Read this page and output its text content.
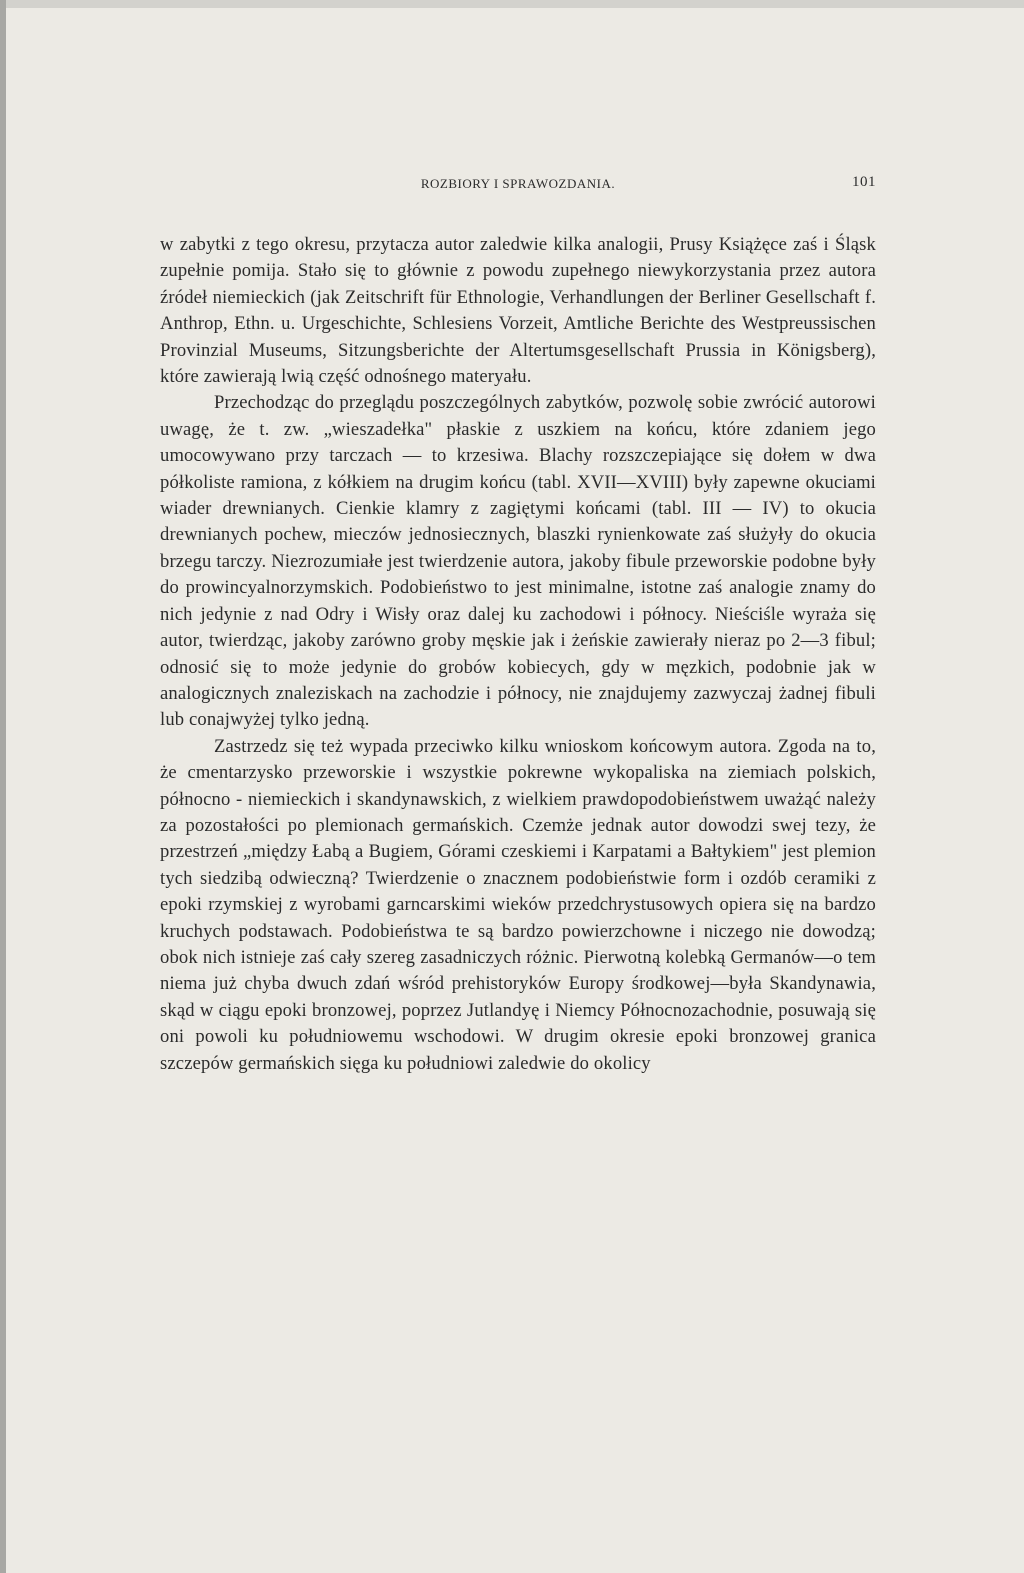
ROZBIORY I SPRAWOZDANIA.	101

w zabytki z tego okresu, przytacza autor zaledwie kilka analogii, Prusy Książęce zaś i Śląsk zupełnie pomija. Stało się to głównie z powodu zupełnego niewykorzystania przez autora źródeł niemieckich (jak Zeitschrift für Ethnologie, Verhandlungen der Berliner Gesellschaft f. Anthrop, Ethn. u. Urgeschichte, Schlesiens Vorzeit, Amtliche Berichte des Westpreussischen Provinzial Museums, Sitzungsberichte der Altertumsgesellschaft Prussia in Königsberg), które zawierają lwią część odnośnego materyału.

Przechodząc do przeglądu poszczególnych zabytków, pozwolę sobie zwrócić autorowi uwagę, że t. zw. „wieszadełka" płaskie z uszkiem na końcu, które zdaniem jego umocowywano przy tarczach — to krzesiwa. Blachy rozszczepiające się dołem w dwa półkoliste ramiona, z kółkiem na drugim końcu (tabl. XVII—XVIII) były zapewne okuciami wiader drewnianych. Cienkie klamry z zagiętymi końcami (tabl. III — IV) to okucia drewnianych pochew, mieczów jednosiecznych, blaszki rynienkowate zaś służyły do okucia brzegu tarczy. Niezrozumiałe jest twierdzenie autora, jakoby fibule przeworskie podobne były do prowincyalnorzymskich. Podobieństwo to jest minimalne, istotne zaś analogie znamy do nich jedynie z nad Odry i Wisły oraz dalej ku zachodowi i północy. Nieściśle wyraża się autor, twierdząc, jakoby zarówno groby męskie jak i żeńskie zawierały nieraz po 2—3 fibul; odnosić się to może jedynie do grobów kobiecych, gdy w męzkich, podobnie jak w analogicznych znaleziskach na zachodzie i północy, nie znajdujemy zazwyczaj żadnej fibuli lub conajwyżej tylko jedną.

Zastrzedz się też wypada przeciwko kilku wnioskom końcowym autora. Zgoda na to, że cmentarzysko przeworskie i wszystkie pokrewne wykopaliska na ziemiach polskich, północno - niemieckich i skandynawskich, z wielkiem prawdopodobieństwem uważąć należy za pozostałości po plemionach germańskich. Czemże jednak autor dowodzi swej tezy, że przestrzeń „między Łabą a Bugiem, Górami czeskiemi i Karpatami a Bałtykiem" jest plemion tych siedzibą odwieczną? Twierdzenie o znacznem podobieństwie form i ozdób ceramiki z epoki rzymskiej z wyrobami garncarskimi wieków przedchrystusowych opiera się na bardzo kruchych podstawach. Podobieństwa te są bardzo powierzchowne i niczego nie dowodzą; obok nich istnieje zaś cały szereg zasadniczych różnic. Pierwotną kolebką Germanów—o tem niema już chyba dwuch zdań wśród prehistoryków Europy środkowej—była Skandynawia, skąd w ciągu epoki bronzowej, poprzez Jutlandyę i Niemcy Północnozachodnie, posuwają się oni powoli ku południowemu wschodowi. W drugim okresie epoki bronzowej granica szczepów germańskich sięga ku południowi zaledwie do okolicy
